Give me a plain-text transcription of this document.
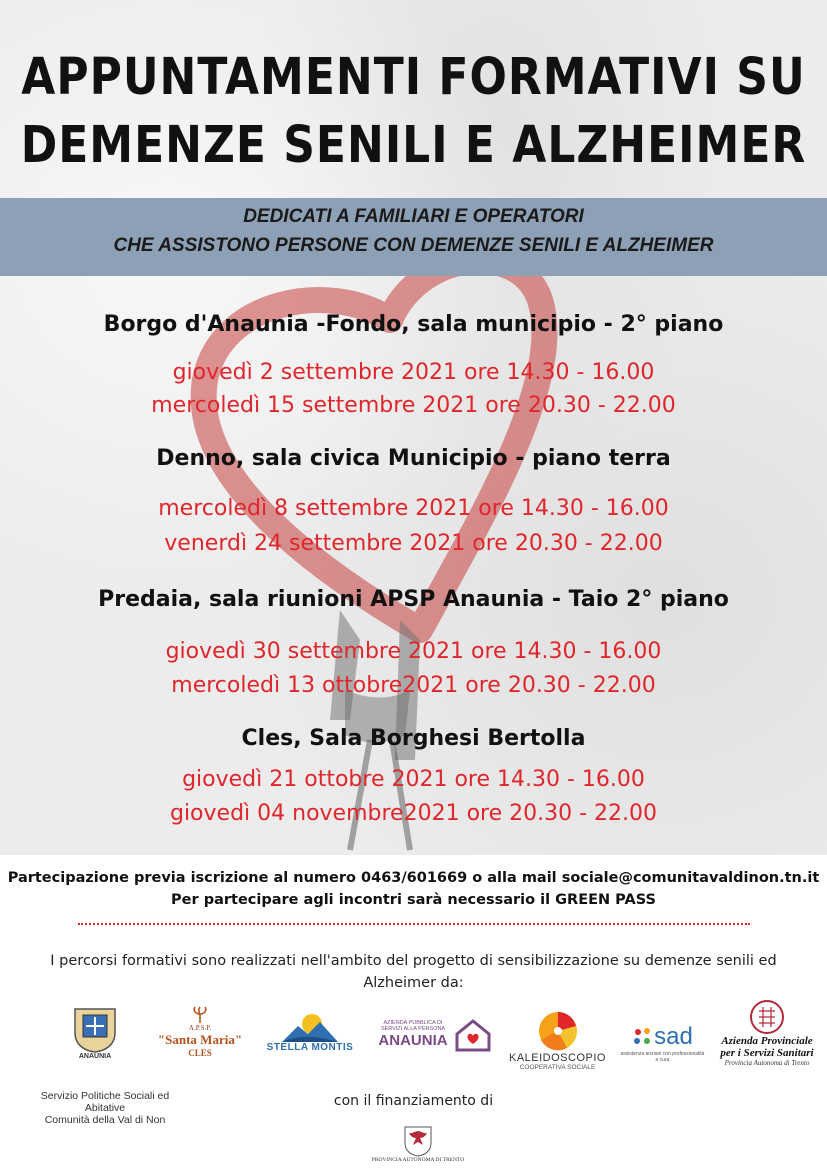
APPUNTAMENTI FORMATIVI SU
DEMENZE SENILI E ALZHEIMER
DEDICATI A FAMILIARI E OPERATORI
CHE ASSISTONO PERSONE CON DEMENZE SENILI E ALZHEIMER
Borgo d'Anaunia -Fondo, sala municipio - 2° piano
giovedì 2 settembre 2021 ore 14.30 - 16.00
mercoledì 15 settembre 2021 ore 20.30 - 22.00
Denno, sala civica Municipio - piano terra
mercoledì 8 settembre 2021 ore 14.30 - 16.00
venerdì 24 settembre 2021 ore 20.30 - 22.00
Predaia, sala riunioni APSP Anaunia - Taio 2° piano
giovedì 30 settembre 2021 ore 14.30 - 16.00
mercoledì 13 ottobre2021 ore 20.30 - 22.00
Cles, Sala Borghesi Bertolla
giovedì 21 ottobre 2021 ore 14.30 - 16.00
giovedì 04 novembre2021 ore 20.30 - 22.00
Partecipazione previa iscrizione al numero 0463/601669 o alla mail sociale@comunitavaldinon.tn.it
Per partecipare agli incontri sarà necessario il GREEN PASS
I percorsi formativi sono realizzati nell'ambito del progetto di sensibilizzazione su demenze senili ed Alzheimer da:
ANAUNIA
A.P.S.P.
"Santa Maria"
CLES	STELLA MONTIS
AZIENDA PUBBLICA DI SERVIZI ALLA PERSONA
ANAUNIA
KALEIDOSCOPIO
COOPERATIVA SOCIALE
sad
assistenza anziani con professionalità e cura
Azienda Provinciale
per i Servizi Sanitari
Provincia Autonoma di Trento
Servizio Politiche Sociali ed Abitative
Comunità della Val di Non
con il finanziamento di
PROVINCIA AUTONOMA DI TRENTO
